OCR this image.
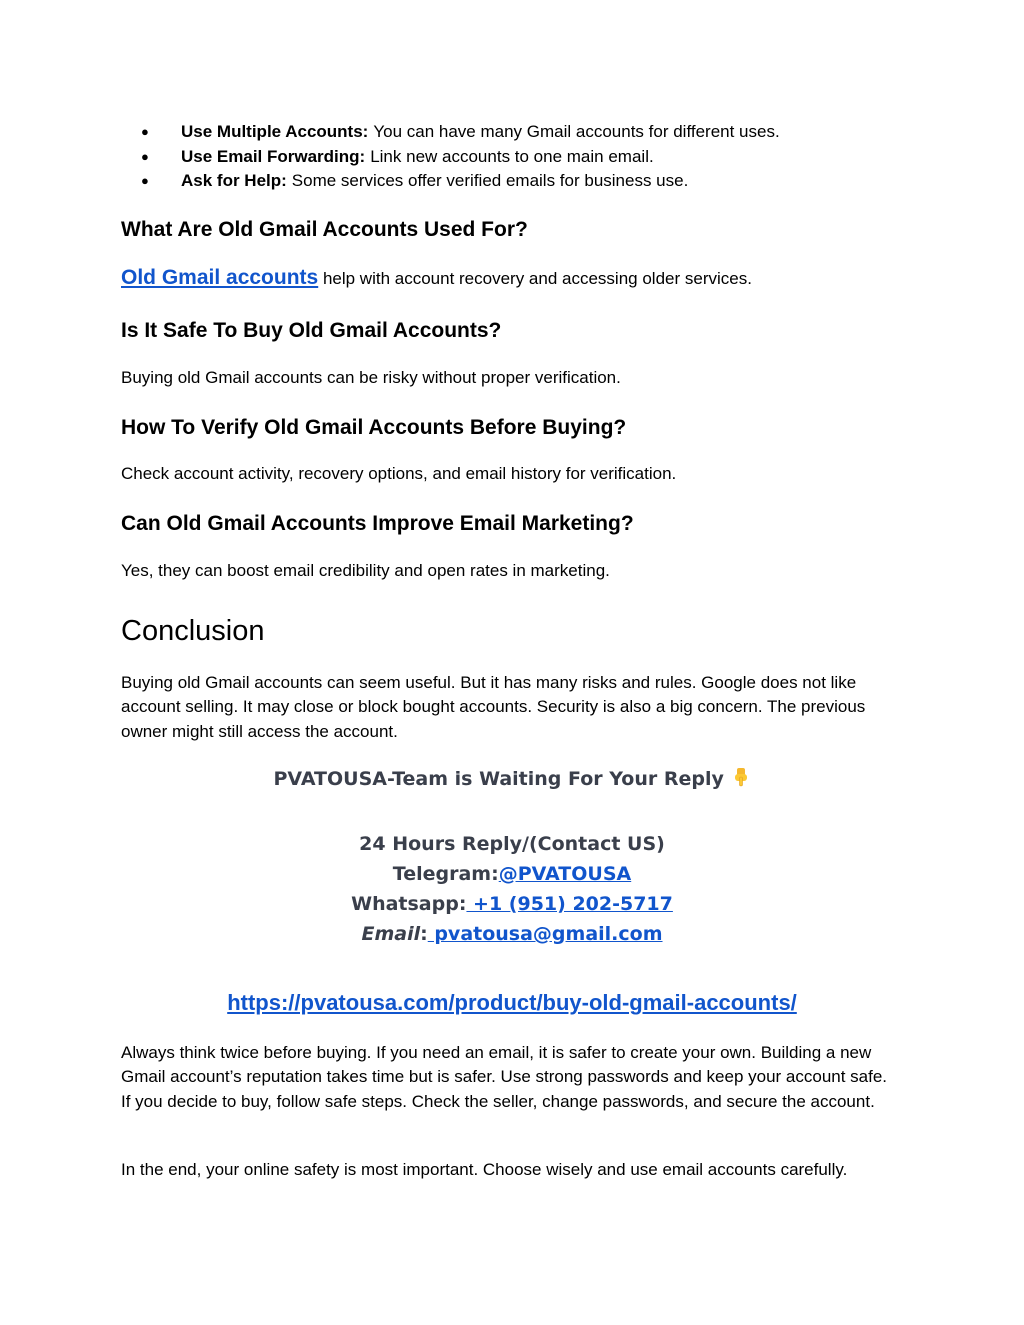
●	Use Multiple Accounts: You can have many Gmail accounts for different uses.
●	Use Email Forwarding: Link new accounts to one main email.
●	Ask for Help: Some services offer verified emails for business use.
What Are Old Gmail Accounts Used For?

Old Gmail accounts help with account recovery and accessing older services.

Is It Safe To Buy Old Gmail Accounts?

Buying old Gmail accounts can be risky without proper verification.

How To Verify Old Gmail Accounts Before Buying?

Check account activity, recovery options, and email history for verification.

Can Old Gmail Accounts Improve Email Marketing?

Yes, they can boost email credibility and open rates in marketing.

Conclusion

Buying old Gmail accounts can seem useful. But it has many risks and rules. Google does not like account selling. It may close or block bought accounts. Security is also a big concern. The previous owner might still access the account.

Always think twice before buying. If you need an email, it is safer to create your own. Building a new Gmail account’s reputation takes time but is safer. Use strong passwords and keep your account safe. If you decide to buy, follow safe steps. Check the seller, change passwords, and secure the account.

In the end, your online safety is most important. Choose wisely and use email accounts carefully.

PVATOUSA-Team is Waiting For Your Reply
24 Hours Reply/(Contact US)
Telegram:@PVATOUSA
Whatsapp: +1 (951) 202-5717
Email: pvatousa@gmail.com
https://pvatousa.com/product/buy-old-gmail-accounts/
